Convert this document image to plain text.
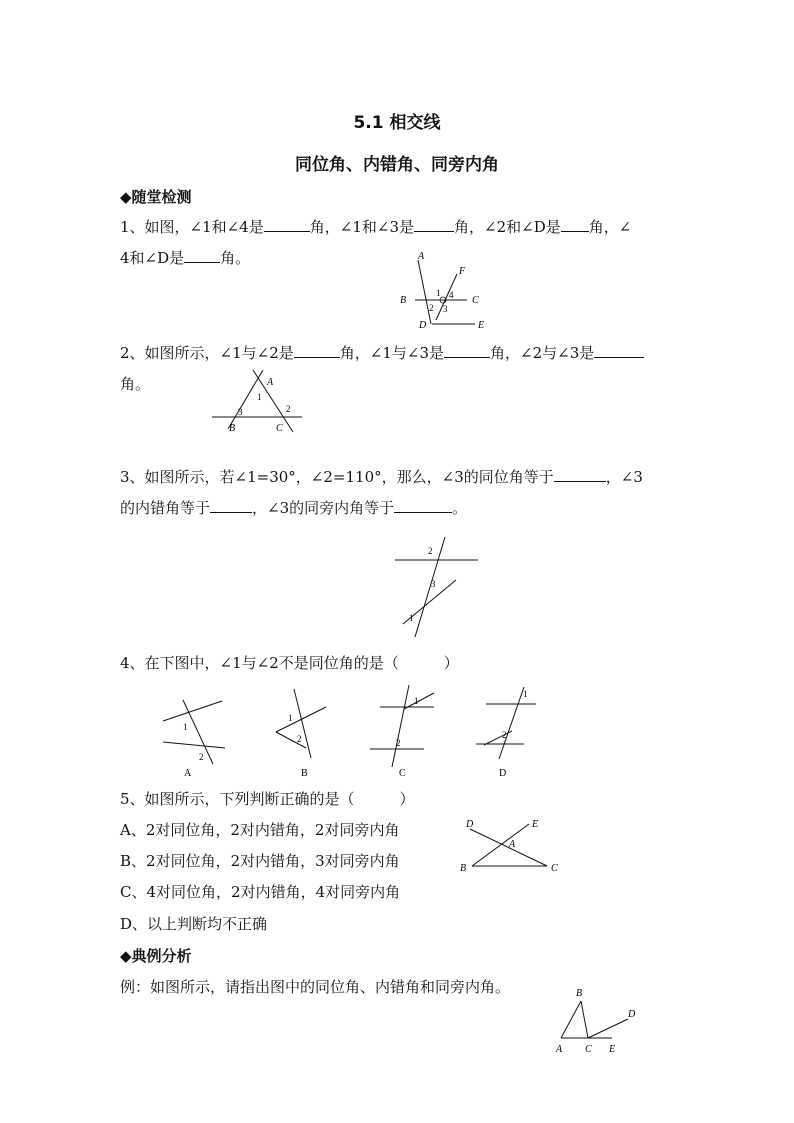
5.1 相交线
同位角、内错角、同旁内角
◆随堂检测
1、如图，∠1和∠4是	角，∠1和∠3是	角，∠2和∠D是 角，∠
4和∠D是 角。	A
F
B	C
D	E
1 4
2 3
2、如图所示，∠1与∠2是	角，∠1与∠3是	角，∠2与∠3是
角。	A
B	C
1
2
3
3、如图所示，若∠1=30°，∠2=110°，那么，∠3的同位角等于	，∠3
的内错角等于	，∠3的同旁内角等于	。
2
3
1
4、在下图中，∠1与∠2不是同位角的是（　　　）
1
2
A
1
2
B
1
2
C
1
2
D
5、如图所示，下列判断正确的是（　　　）
A、2对同位角，2对内错角，2对同旁内角
B、2对同位角，2对内错角，3对同旁内角
C、4对同位角，2对内错角，4对同旁内角
D、以上判断均不正确
D	E
A
B	C
◆典例分析
例：如图所示，请指出图中的同位角、内错角和同旁内角。	B
D
A C E
